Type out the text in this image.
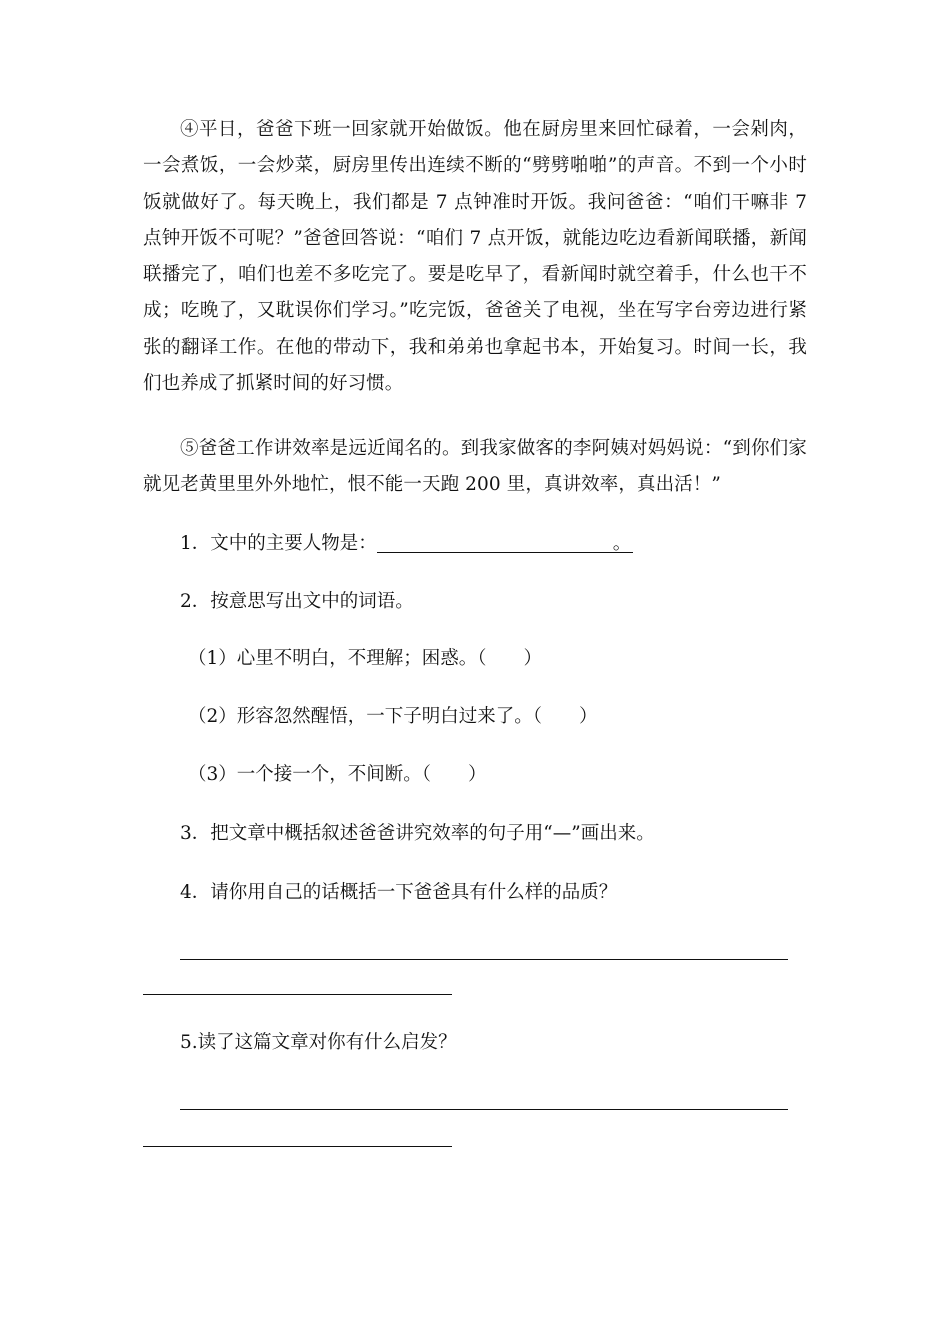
④平日，爸爸下班一回家就开始做饭。他在厨房里来回忙碌着，一会剁肉，一会煮饭，一会炒菜，厨房里传出连续不断的“劈劈啪啪”的声音。不到一个小时饭就做好了。每天晚上，我们都是 7 点钟准时开饭。我问爸爸：“咱们干嘛非 7 点钟开饭不可呢？”爸爸回答说：“咱们 7 点开饭，就能边吃边看新闻联播，新闻联播完了，咱们也差不多吃完了。要是吃早了，看新闻时就空着手，什么也干不成；吃晚了，又耽误你们学习。”吃完饭，爸爸关了电视，坐在写字台旁边进行紧张的翻译工作。在他的带动下，我和弟弟也拿起书本，开始复习。时间一长，我们也养成了抓紧时间的好习惯。

⑤爸爸工作讲效率是远近闻名的。到我家做客的李阿姨对妈妈说：“到你们家就见老黄里里外外地忙，恨不能一天跑 200 里，真讲效率，真出活！”

1．文中的主要人物是：	。
2．按意思写出文中的词语。
（1）心里不明白，不理解；困惑。（　　）
（2）形容忽然醒悟，一下子明白过来了。（　　）
（3）一个接一个，不间断。（　　）
3．把文章中概括叙述爸爸讲究效率的句子用“—”画出来。
4．请你用自己的话概括一下爸爸具有什么样的品质？
5.读了这篇文章对你有什么启发？
